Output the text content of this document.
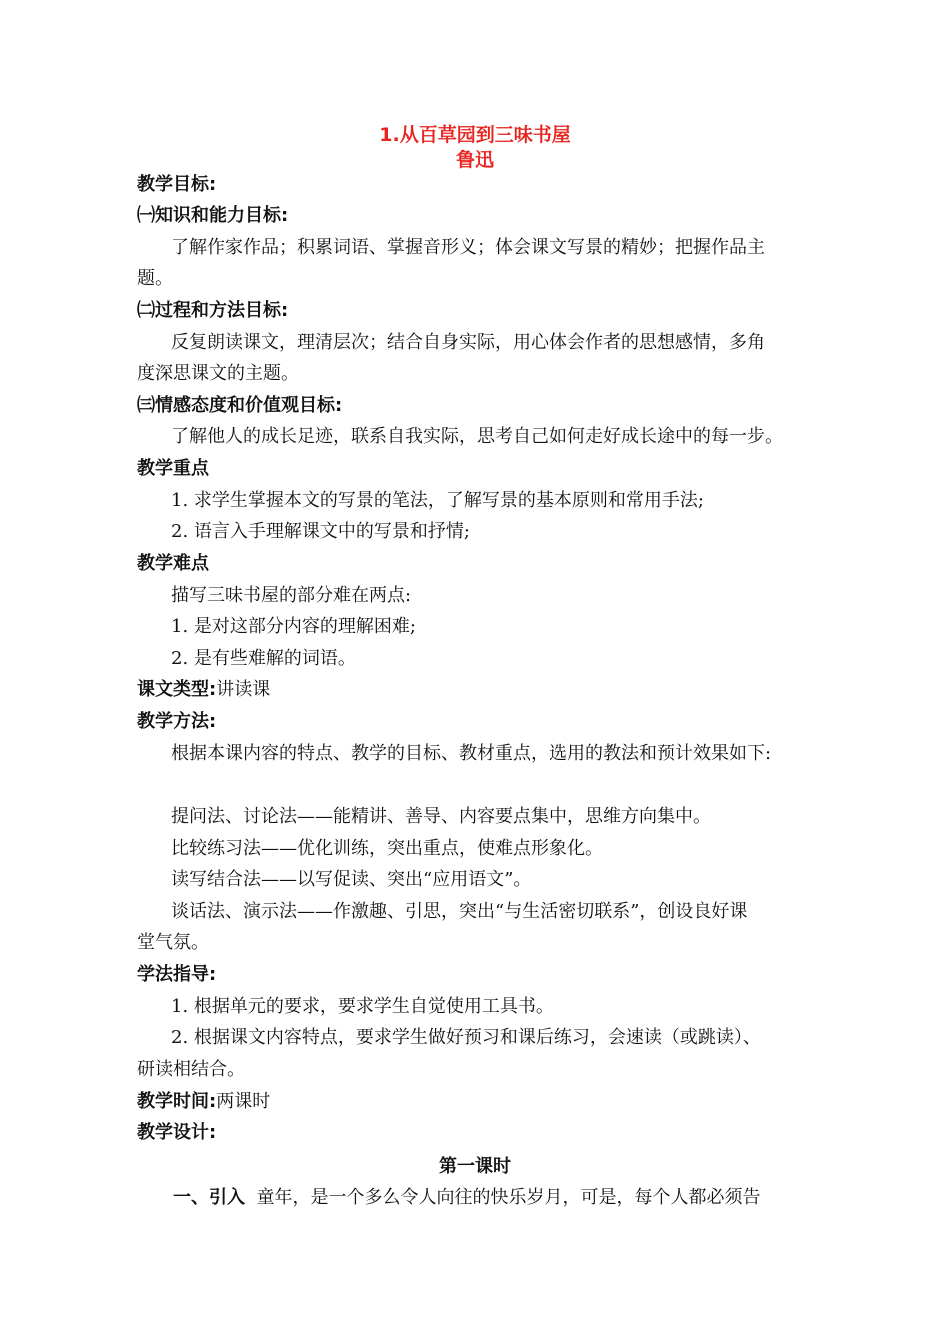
1.从百草园到三味书屋
鲁迅
教学目标:
㈠知识和能力目标:
了解作家作品；积累词语、掌握音形义；体会课文写景的精妙；把握作品主
题。
㈡过程和方法目标:
反复朗读课文，理清层次；结合自身实际，用心体会作者的思想感情，多角
度深思课文的主题。
㈢情感态度和价值观目标:
了解他人的成长足迹，联系自我实际，思考自己如何走好成长途中的每一步。
教学重点
1. 求学生掌握本文的写景的笔法，了解写景的基本原则和常用手法;
2. 语言入手理解课文中的写景和抒情;
教学难点
描写三味书屋的部分难在两点:
1. 是对这部分内容的理解困难;
2. 是有些难解的词语。
课文类型:讲读课
教学方法:
根据本课内容的特点、教学的目标、教材重点，选用的教法和预计效果如下:
提问法、讨论法——能精讲、善导、内容要点集中，思维方向集中。
比较练习法——优化训练，突出重点，使难点形象化。
读写结合法——以写促读、突出“应用语文”。
谈话法、演示法——作激趣、引思，突出“与生活密切联系”，创设良好课
堂气氛。
学法指导:
1. 根据单元的要求，要求学生自觉使用工具书。
2. 根据课文内容特点，要求学生做好预习和课后练习，会速读（或跳读）、
研读相结合。
教学时间:两课时
教学设计:
第一课时
一、引入 童年，是一个多么令人向往的快乐岁月，可是，每个人都必须告
